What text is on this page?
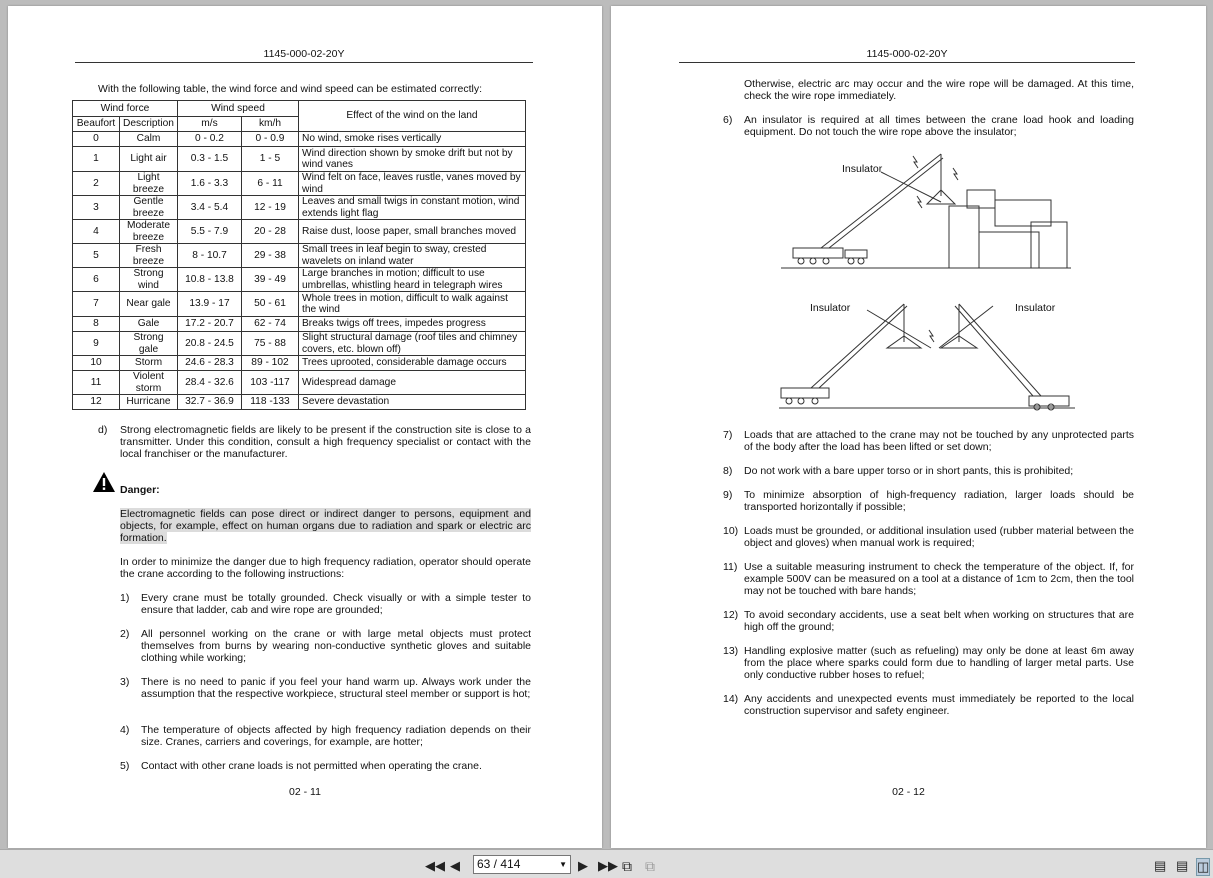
1145-000-02-20Y
With the following table, the wind force and wind speed can be estimated correctly:
Wind force		Wind speed		Effect of the wind on the land
Beaufort	Description	m/s	km/h	
0	Calm	0 - 0.2	0 - 0.9	No wind, smoke rises vertically
1	Light air	0.3 - 1.5	1 - 5	Wind direction shown by smoke drift but not by wind vanes
2	Light breeze	1.6 - 3.3	6 - 11	Wind felt on face, leaves rustle, vanes moved by wind
3	Gentle breeze	3.4 - 5.4	12 - 19	Leaves and small twigs in constant motion, wind extends light flag
4	Moderate breeze	5.5 - 7.9	20 - 28	Raise dust, loose paper, small branches moved
5	Fresh breeze	8 - 10.7	29 - 38	Small trees in leaf begin to sway, crested wavelets on inland water
6	Strong wind	10.8 - 13.8	39 - 49	Large branches in motion; difficult to use umbrellas, whistling heard in telegraph wires
7	Near gale	13.9 - 17	50 - 61	Whole trees in motion, difficult to walk against the wind
8	Gale	17.2 - 20.7	62 - 74	Breaks twigs off trees, impedes progress
9	Strong gale	20.8 - 24.5	75 - 88	Slight structural damage (roof tiles and chimney covers, etc. blown off)
10	Storm	24.6 - 28.3	89 - 102	Trees uprooted, considerable damage occurs
11	Violent storm	28.4 - 32.6	103 -117	Widespread damage
12	Hurricane	32.7 - 36.9	118 -133	Severe devastation
d) Strong electromagnetic fields are likely to be present if the construction site is close to a transmitter. Under this condition, consult a high frequency specialist or contact with the local franchiser or the manufacturer.
Danger:
Electromagnetic fields can pose direct or indirect danger to persons, equipment and objects, for example, effect on human organs due to radiation and spark or electric arc formation.
In order to minimize the danger due to high frequency radiation, operator should operate the crane according to the following instructions:
1) Every crane must be totally grounded. Check visually or with a simple tester to ensure that ladder, cab and wire rope are grounded;
2) All personnel working on the crane or with large metal objects must protect themselves from burns by wearing non-conductive synthetic gloves and suitable clothing while working;
3) There is no need to panic if you feel your hand warm up. Always work under the assumption that the respective workpiece, structural steel member or support is hot;
4) The temperature of objects affected by high frequency radiation depends on their size. Cranes, carriers and coverings, for example, are hotter;
5) Contact with other crane loads is not permitted when operating the crane.
02 - 11
1145-000-02-20Y
Otherwise, electric arc may occur and the wire rope will be damaged. At this time, check the wire rope immediately.
6) An insulator is required at all times between the crane load hook and loading equipment. Do not touch the wire rope above the insulator;
Insulator
Insulator	Insulator
7) Loads that are attached to the crane may not be touched by any unprotected parts of the body after the load has been lifted or set down;
8) Do not work with a bare upper torso or in short pants, this is prohibited;
9) To minimize absorption of high-frequency radiation, larger loads should be transported horizontally if possible;
10) Loads must be grounded, or additional insulation used (rubber material between the object and gloves) when manual work is required;
11) Use a suitable measuring instrument to check the temperature of the object. If, for example 500V can be measured on a tool at a distance of 1cm to 2cm, then the tool may not be touched with bare hands;
12) To avoid secondary accidents, use a seat belt when working on structures that are high off the ground;
13) Handling explosive matter (such as refueling) may only be done at least 6m away from the place where sparks could form due to handling of larger metal parts. Use only conductive rubber hoses to refuel;
14) Any accidents and unexpected events must immediately be reported to the local construction supervisor and safety engineer.
02 - 12
◀◀ ◀ 63 / 414	▼ ▶ ▶▶ ⧉ ⧉	▤ ▤ ◫
